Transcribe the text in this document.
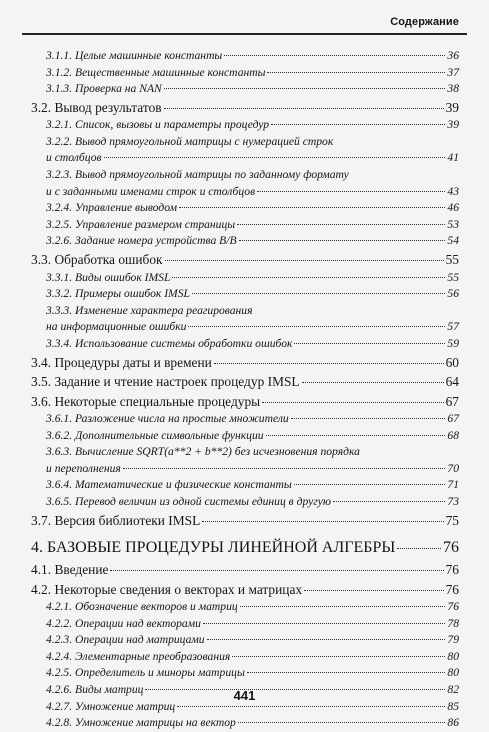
Содержание
3.1.1. Целые машинные константы	36
3.1.2. Вещественные машинные константы	37
3.1.3. Проверка на NAN	38
3.2. Вывод результатов	39
3.2.1. Список, вызовы и параметры процедур	39
3.2.2. Вывод прямоугольной матрицы с нумерацией строк
и столбцов	41
3.2.3. Вывод прямоугольной матрицы по заданному формату
и с заданными именами строк и столбцов	43
3.2.4. Управление выводом	46
3.2.5. Управление размером страницы	53
3.2.6. Задание номера устройства В/В	54
3.3. Обработка ошибок	55
3.3.1. Виды ошибок IMSL	55
3.3.2. Примеры ошибок IMSL	56
3.3.3. Изменение характера реагирования
на информационные ошибки	57
3.3.4. Использование системы обработки ошибок	59
3.4. Процедуры даты и времени	60
3.5. Задание и чтение настроек процедур IMSL	64
3.6. Некоторые специальные процедуры	67
3.6.1. Разложение числа на простые множители	67
3.6.2. Дополнительные символьные функции	68
3.6.3. Вычисление SQRT(a**2 + b**2) без исчезновения порядка
и переполнения	70
3.6.4. Математические и физические константы	71
3.6.5. Перевод величин из одной системы единиц в другую	73
3.7. Версия библиотеки IMSL	75
4. БАЗОВЫЕ ПРОЦЕДУРЫ ЛИНЕЙНОЙ АЛГЕБРЫ	76
4.1. Введение	76
4.2. Некоторые сведения о векторах и матрицах	76
4.2.1. Обозначение векторов и матриц	76
4.2.2. Операции над векторами	78
4.2.3. Операции над матрицами	79
4.2.4. Элементарные преобразования	80
4.2.5. Определитель и миноры матрицы	80
4.2.6. Виды матриц	82
4.2.7. Умножение матриц	85
4.2.8. Умножение матрицы на вектор	86
441
